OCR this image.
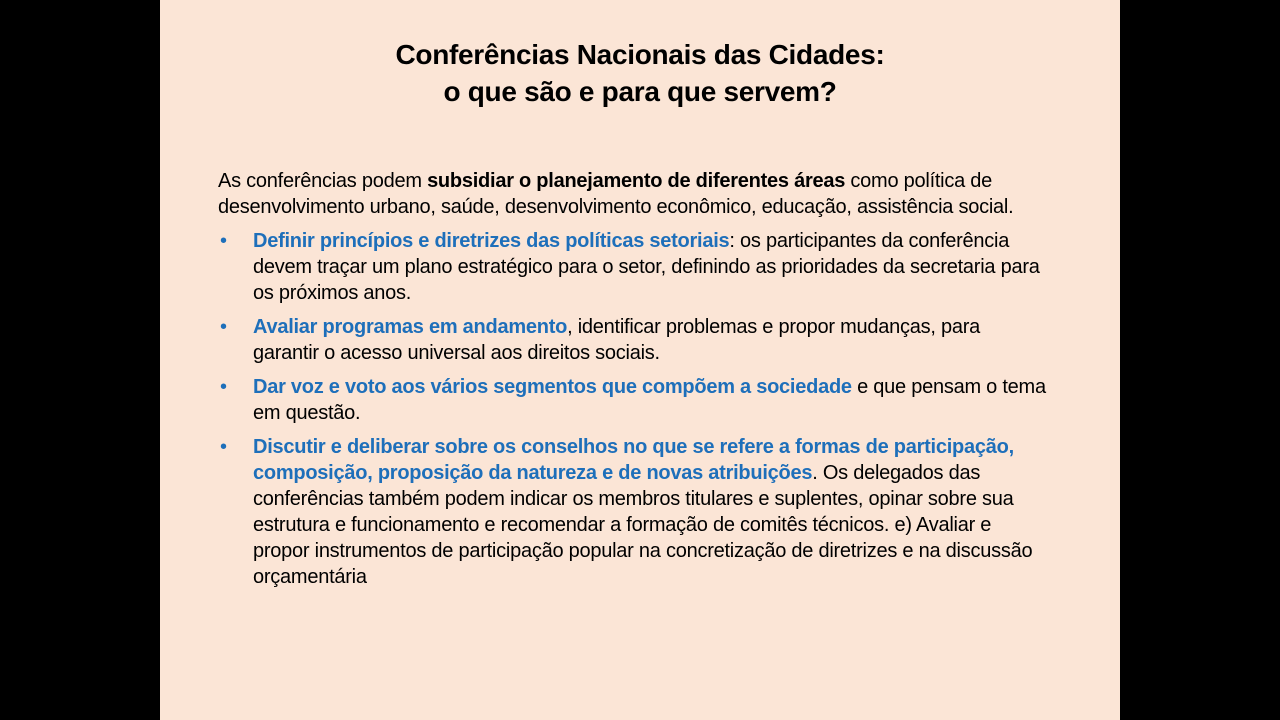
Conferências Nacionais das Cidades:
o que são e para que servem?

As conferências podem subsidiar o planejamento de diferentes áreas como política de desenvolvimento urbano, saúde, desenvolvimento econômico, educação, assistência social.

• Definir princípios e diretrizes das políticas setoriais: os participantes da conferência devem traçar um plano estratégico para o setor, definindo as prioridades da secretaria para os próximos anos.
• Avaliar programas em andamento, identificar problemas e propor mudanças, para garantir o acesso universal aos direitos sociais.
• Dar voz e voto aos vários segmentos que compõem a sociedade e que pensam o tema em questão.
• Discutir e deliberar sobre os conselhos no que se refere a formas de participação, composição, proposição da natureza e de novas atribuições. Os delegados das conferências também podem indicar os membros titulares e suplentes, opinar sobre sua estrutura e funcionamento e recomendar a formação de comitês técnicos. e) Avaliar e propor instrumentos de participação popular na concretização de diretrizes e na discussão orçamentária
